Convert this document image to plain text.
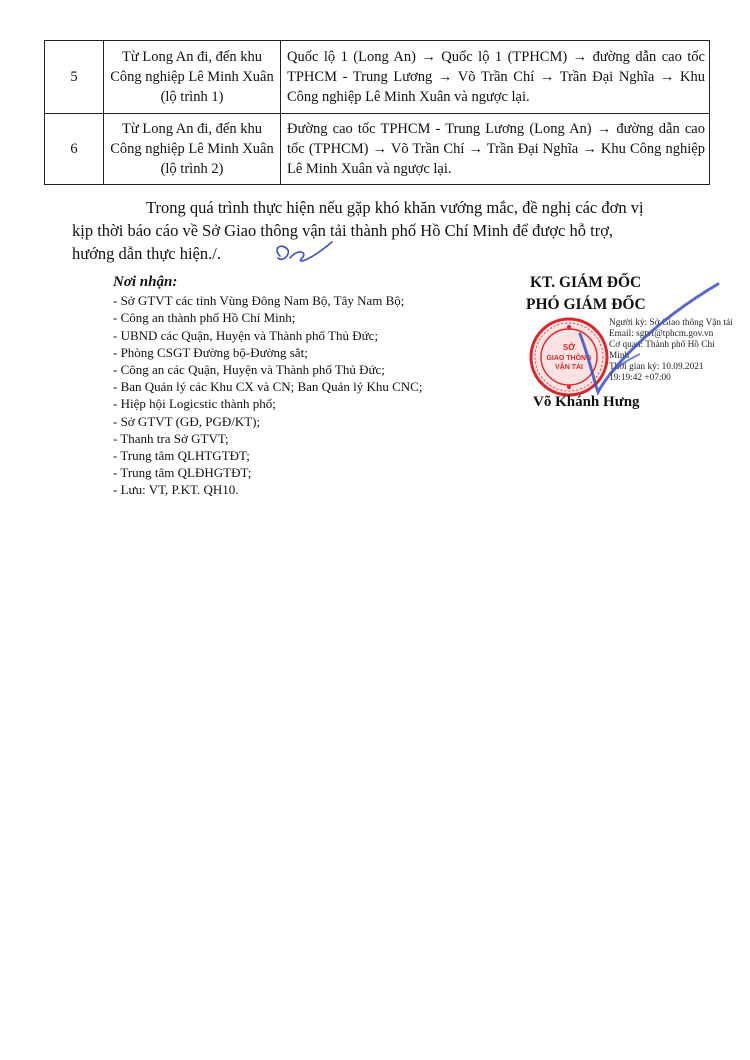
5	Từ Long An đi, đến khu Công nghiệp Lê Minh Xuân (lộ trình 1)	Quốc lộ 1 (Long An) → Quốc lộ 1 (TPHCM) → đường dẫn cao tốc TPHCM - Trung Lương → Võ Trần Chí → Trần Đại Nghĩa → Khu Công nghiệp Lê Minh Xuân và ngược lại.
6	Từ Long An đi, đến khu Công nghiệp Lê Minh Xuân (lộ trình 2)	Đường cao tốc TPHCM - Trung Lương (Long An) → đường dẫn cao tốc (TPHCM) → Võ Trần Chí → Trần Đại Nghĩa → Khu Công nghiệp Lê Minh Xuân và ngược lại.

Trong quá trình thực hiện nếu gặp khó khăn vướng mắc, đề nghị các đơn vị
kịp thời báo cáo về Sở Giao thông vận tải thành phố Hồ Chí Minh để được hỗ trợ,
hướng dẫn thực hiện./.

Nơi nhận:
- Sở GTVT các tỉnh Vùng Đông Nam Bộ, Tây Nam Bộ;
- Công an thành phố Hồ Chí Minh;
- UBND các Quận, Huyện và Thành phố Thủ Đức;
- Phòng CSGT Đường bộ-Đường sắt;
- Công an các Quận, Huyện và Thành phố Thủ Đức;
- Ban Quản lý các Khu CX và CN; Ban Quản lý Khu CNC;
- Hiệp hội Logicstic thành phố;
- Sở GTVT (GĐ, PGĐ/KT);
- Thanh tra Sở GTVT;
- Trung tâm QLHTGTĐT;
- Trung tâm QLĐHGTĐT;
- Lưu: VT, P.KT. QH10.
KT. GIÁM ĐỐC
PHÓ GIÁM ĐỐC
SỞ
GIAO THÔNG
VẬN TẢI
Người ký: Sở Giao thông Vận tải
Email: sgtvt@tphcm.gov.vn
Cơ quan: Thành phố Hồ Chí Minh
Thời gian ký: 10.09.2021 19:19:42 +07:00
Võ Khánh Hưng
